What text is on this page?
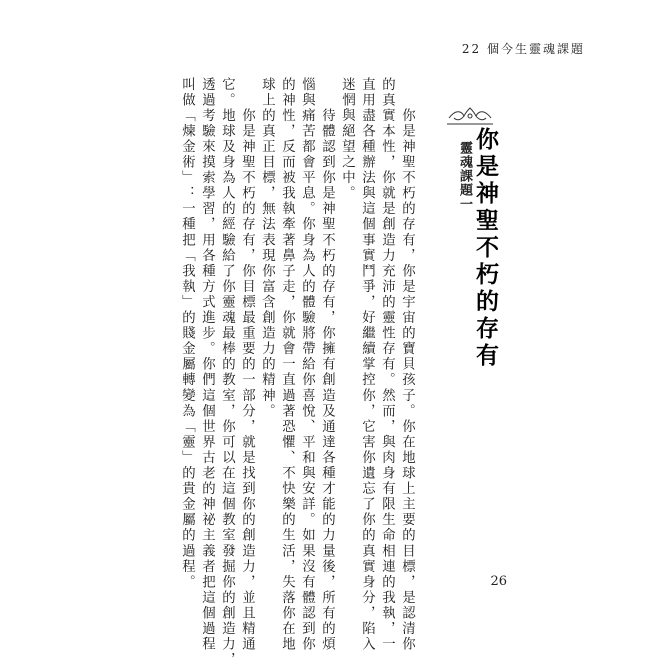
22 個今生靈魂課題
靈魂課題一 你是神聖不朽的存有
　　你是神聖不朽的存有，你是宇宙的寶貝孩子。你在地球上主要的目標，是認清你
的真實本性，你就是創造力充沛的靈性存有。然而，與肉身有限生命相連的我執，一
直用盡各種辦法與這個事實鬥爭，好繼續掌控你，它害你遺忘了你的真實身分，陷入
迷惘與絕望之中。
　　待體認到你是神聖不朽的存有，你擁有創造及通達各種才能的力量後，所有的煩
惱與痛苦都會平息。你身為人的體驗將帶給你喜悅、平和與安詳。如果沒有體認到你
的神性，反而被我執牽著鼻子走，你就會一直過著恐懼、不快樂的生活，失落你在地
球上的真正目標，無法表現你富含創造力的精神。
　　你是神聖不朽的存有，你目標最重要的一部分，就是找到你的創造力，並且精通
它。地球及身為人的經驗給了你靈魂最棒的教室，你可以在這個教室發掘你的創造力，
透過考驗來摸索學習，用各種方式進步。你們這個世界古老的神祕主義者把這個過程
叫做「煉金術」：一種把「我執」的賤金屬轉變為「靈」的貴金屬的過程。	26
